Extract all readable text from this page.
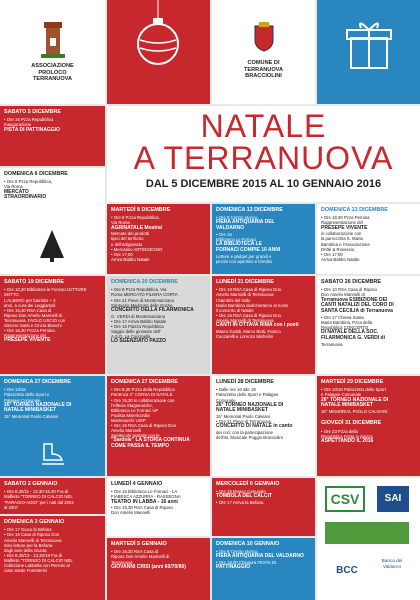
ASSOCIAZIONE
PROLOCO
TERRANUOVA
COMUNE DI
TERRANUOVA
BRACCIOLINI
SABATO 5 DICEMBRE
• Ore 16 Pzza Repubblica
Inaugurazione
PISTA DI PATTINAGGIO	NATALE
A TERRANUOVA
DAL 5 DICEMBRE 2015 AL 10 GENNAIO 2016
DOMENICA 6 DICEMBRE
• Ore 8 Pzza Repubblica,
Via Roma
MERCATO
STRAORDINARIO
MARTEDÌ 8 DICEMBRE
• Ore 8 P.zza Repubblica,
Via Roma
AGRINATALE Mostra/
Mercato dei prodotti
tipici del territorio
e dell'artigianato
• Mercatino ARTINGEGNO
• Ore 17,00
Arriva Babbo Natale
DOMENICA 13 DICEMBRE
• Ore 8 Centro storico
FIERA ANTIQUARIA DEL
VALDARNO
• Ore 16
Biblioteca Le Fornaci
LA BIBLIOTECA LE
FORNACI COMPIE 10 ANNI
Letture e gadget per grandi e
piccini con aperitivo e brindisi
DOMENICA 13 DICEMBRE
• Ore 16:30 Pzza Pernina
Rappresentazione del
PRESEPE VIVENTE
in collaborazione con
la parrocchia S. Maria
Bambina e l'Associazione
Drittè & Rovescio
• Ore 17,00
Arriva Babbo Natale
SABATO 19 DICEMBRE
• Ore 10,30 Biblioteca le Fornaci LETTURE SOTTO
L'ALBERO per bambini + 3
anni, a cura dei Leggiamoli
• Ore 15,30 RSA Casa di
Riposo Don Amelio Mannelli di
Terranuova. FAOLO USCIO con
Sincero Santi e Cinzia Bianchi
• Ore 16,30 Pzzza Pernina
Rappresentazione del
PRESEPE VIVENTE
DOMENICA 20 DICEMBRE
• Ore 8 Pzza Repubblica, Via
Roma MERCATO FILIERA CORTA
• Ore 21 Pieve di Montemarciano
Santuario Madonna delle Grazie
CONCERTO DELLA FILARMONICA
G. VERDI di Montemarciano
• Ore 17 Arriva Babbo Natale
• Ore 16 Piazza Repubblica
Saggio delle ginnaste dell'
A.S.D. La Coccinella
LO SGENZIATO PAZZO
LUNEDÌ 21 DICEMBRE
• Ore 10 RSA Casa di Riposo Don
Amelio Mannelli di Terranuova
I bambini del Nido
Maria Bambina dedicheranno al nonni
il concerto di Natale
• Ore 16 RSA Casa di Riposo Don
Amelio Mannelli di Terranuova
CANTI IN OTTAVA RIMA con i poeti
Mauro Goddi, Marco Betti, Franco
Ceccarelli e Lorenzo Michelini
SABATO 26 DICEMBRE
• Ore 10 RSA Casa di Riposo
Don Amelio Mannelli di
Terranuova ESIBIZIONE DEI
CANTI NATALIZI DEL CORO DI
SANTA CECILIA di Terranuova
• Ore 17 Chiesa Santa
Maria Bambina, Pzza della
Repubblica CONCERTO
DI NATALE DELLA SOC.
FILARMONICA G. VERDI di
Terranuova
DOMENICA 27 DICEMBRE
• Ore 10/18
Palazzetto dello Sport e
Palagee Comunale
26° TORNEO NAZIONALE DI
NATALE MINIBASKET
15° Memorial Paolo Calviani
DOMENICA 27 DICEMBRE
• Ore 8,30 P.zza della Repubblica
Partenza 3° CORSA DI NATALE
• Ore 15,30 in collaborazione con
l'Aflecia Stagionaiche,
Biblioteca Le Fornaci UP
Podista Misericordia
Montevarchi UISP
• Ore 16 RSA Casa di Riposo Don
Amelio Mannelli
Spettacolo teatrale con le
"Sardole" LA STORIA CONTINUA
COME PASSA IL TEMPO
LUNEDÌ 28 DICEMBRE
• Dalle ore 10 alle 18
Palazzetto dello Sport e Palagee
Comunale
26° TORNEO NAZIONALE DI
NATALE MINIBASKET
15° Memorial Paolo Calviani
• Ore 21 Pieve di Terranuova
CONCERTO DI NATALE in canto
dei cori: con la partecipazione
dell'Ist. Musicale Poggio Bracciolini
MARTEDÌ 29 DICEMBRE
• Ore 10/18 Palazzetto dello Sport
e Palagee Comunale
26° TORNEO NAZIONALE DI
NATALE MINIBASKET
15° MEMORIAL PAOLO CALVIANI
GIOVEDÌ 31 DICEMBRE
• Ore 23 Pzza della
Repubblica Festa in piazza
ASPETTANDO IL 2016
SABATO 2 GENNAIO
• Ore 8.30/11 - 13.30-15.30 Fra di
Malferto "TORNEO DI CALCIO NEL
"PARAGIO-AGIO" per i nati dal 2002
al 2007
DOMENICA 3 GENNAIO
• Ore 17 Gioco la Befana
• Ore 16 Casa di Riposo Don
Amelio Mannelli di Terranuova
ritiro letture per la Befana
dagli anni della Giunta
• Ore 8,30/13 - 13,30/19 Fra di
Malferto "TORNEO DI CALCIO NEL
Collezione Labbella con Pennini al
ciato Sante Foresterini
LUNEDÌ 4 GENNAIO
• Ore 16 Biblioteca Le Fornaci - LA
FIABESCA AZZURRA - RASSEGNA
TEATRO IN LABBA - 16 anni
• Ore 15,30 RSA Casa di Riposo
Don Amelio Mannelli
MARTEDÌ 5 GENNAIO
• Ore 15,30 RSA Casa di
Riposo Don Amelio Mannelli di
Terranuova
GIOVANNI CRISI (anni 60/70/80)
MERCOLEDÌ 6 GENNAIO
• Ore 15 Museo comunale
TOMBOLA DEL CALCIT
• Ore 17 Arriva la Befana
DOMENICA 10 GENNAIO
• Ore 8 Centro storico
FIERA ANTIQUARIA DEL VALDARNO
• Ore 18,00 Chiusura FESTA DI
PATTINAGGIO
CSV	SAI
BCC
Banca del Valdarno
